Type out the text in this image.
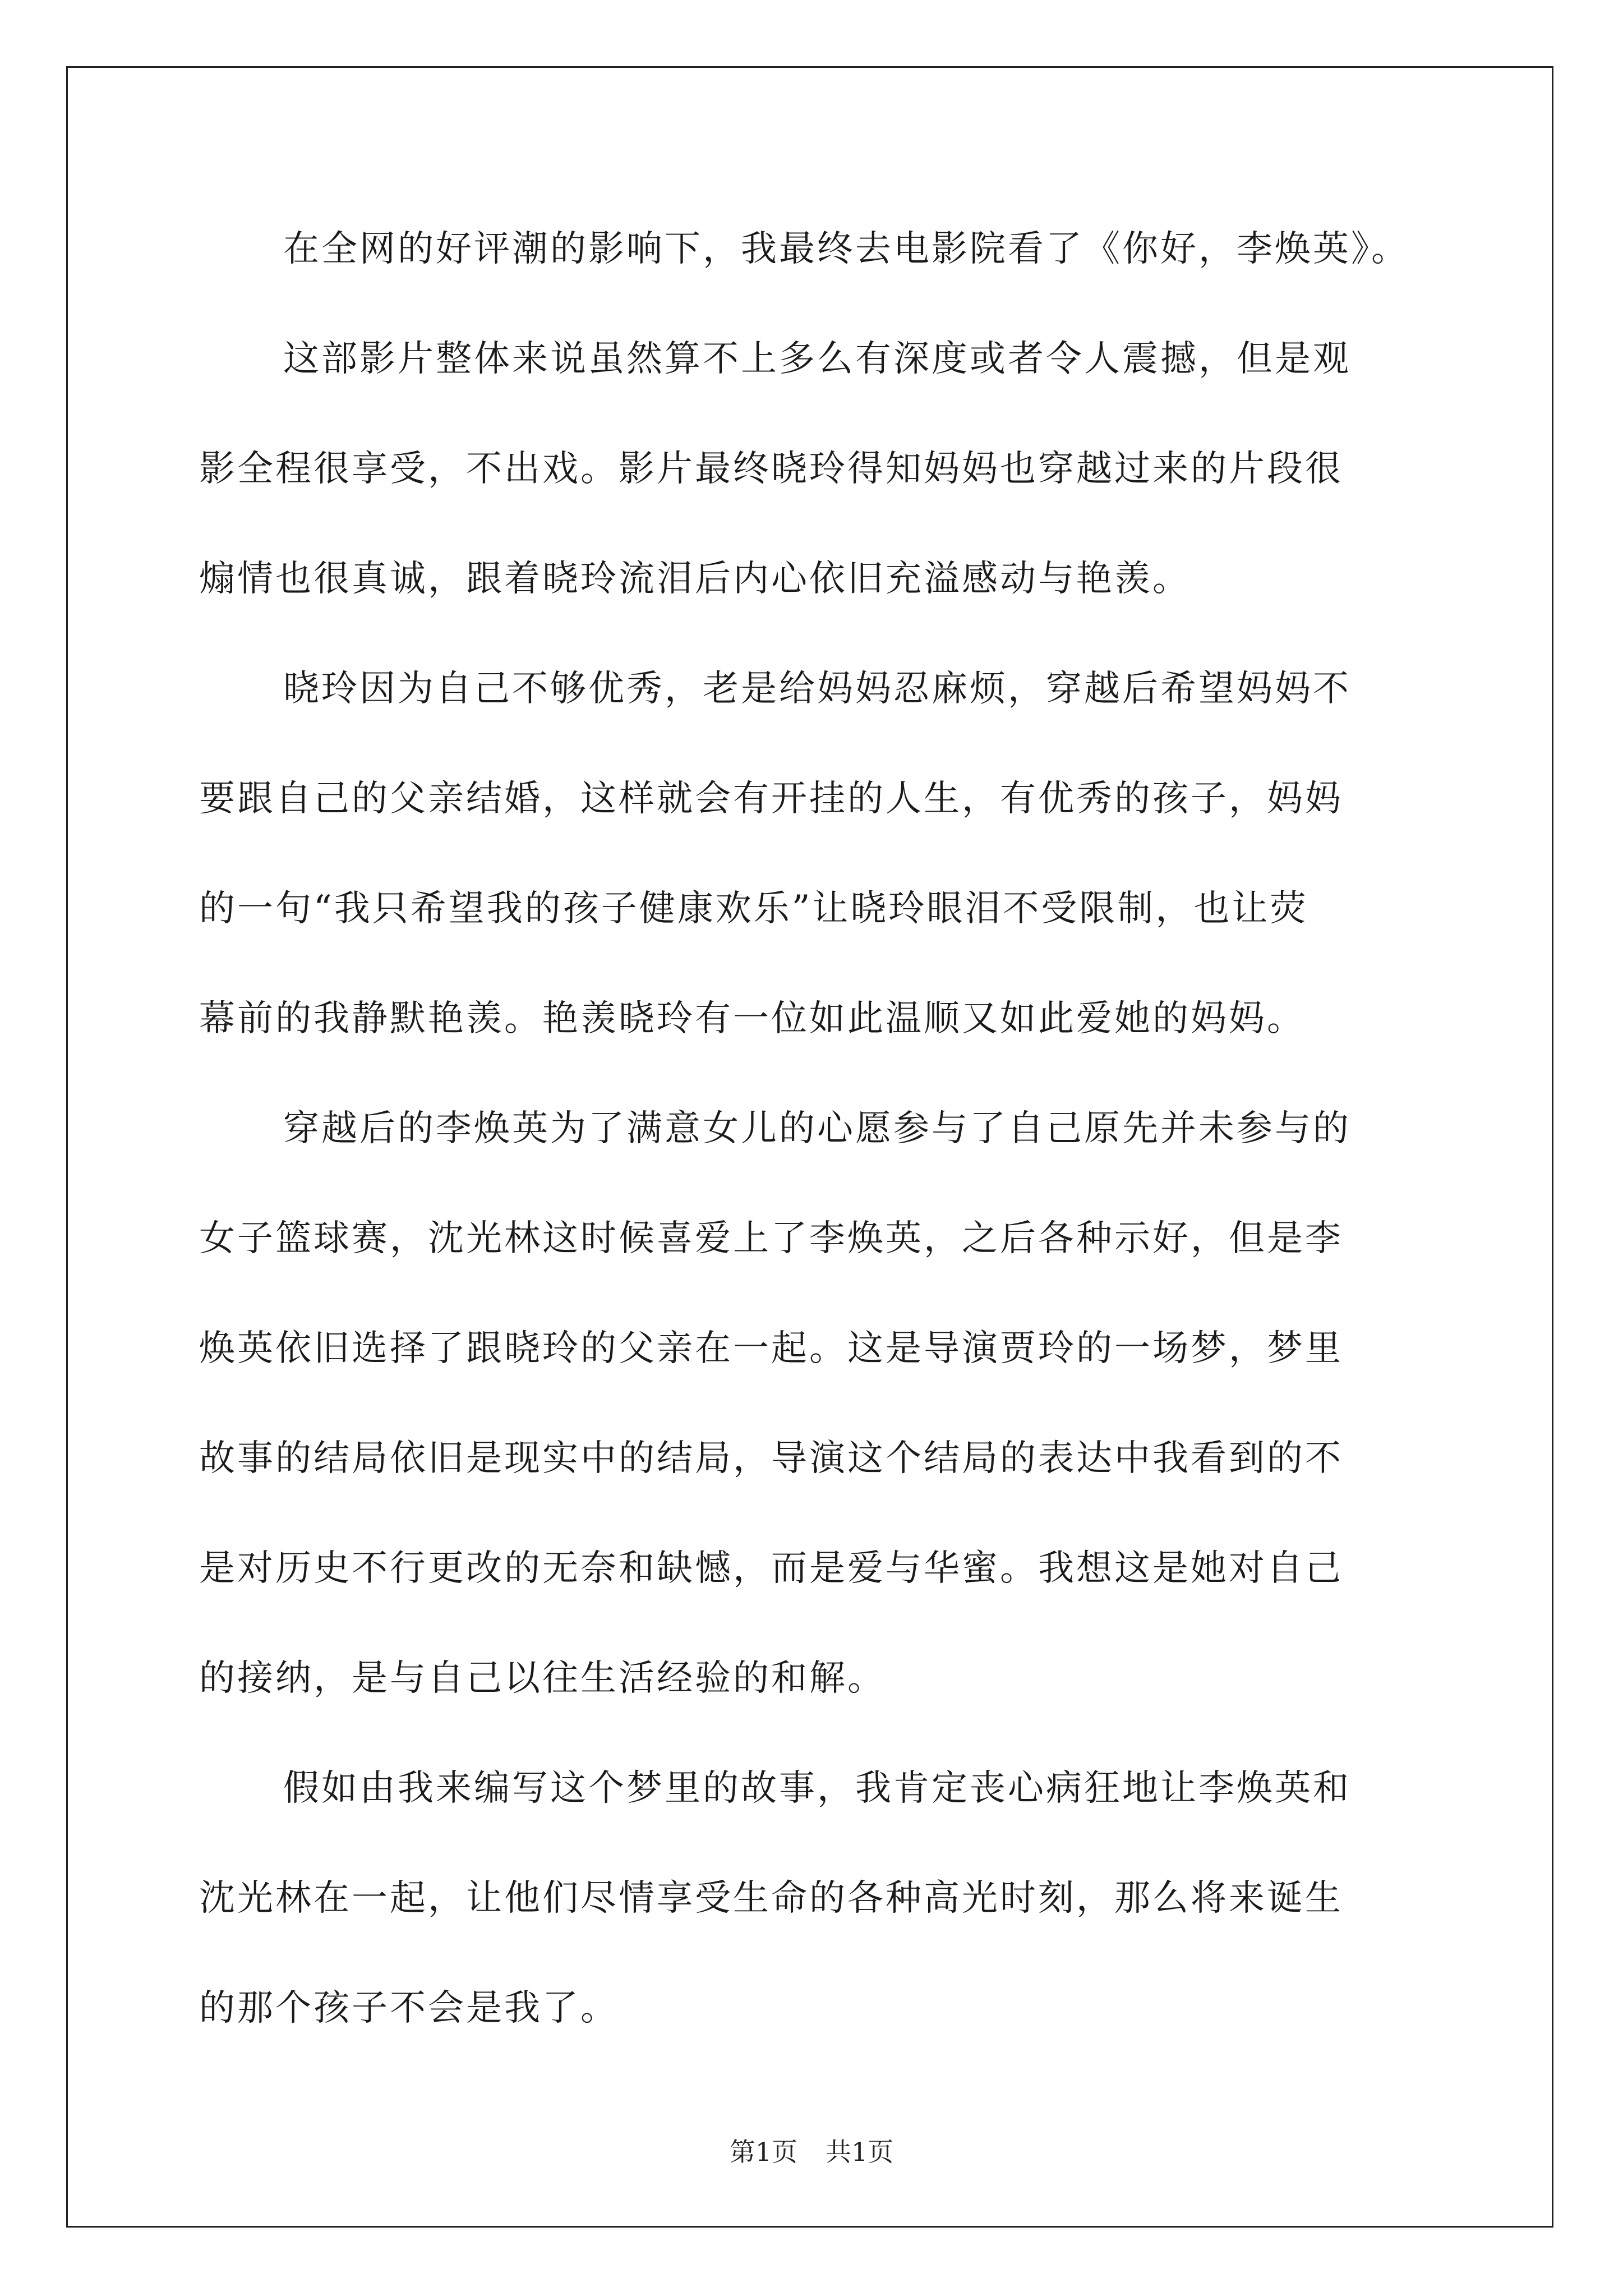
在全网的好评潮的影响下，我最终去电影院看了《你好，李焕英》。
这部影片整体来说虽然算不上多么有深度或者令人震撼，但是观
影全程很享受，不出戏。影片最终晓玲得知妈妈也穿越过来的片段很
煽情也很真诚，跟着晓玲流泪后内心依旧充溢感动与艳羡。
晓玲因为自己不够优秀，老是给妈妈忍麻烦，穿越后希望妈妈不
要跟自己的父亲结婚，这样就会有开挂的人生，有优秀的孩子，妈妈
的一句“我只希望我的孩子健康欢乐”让晓玲眼泪不受限制，也让荧
幕前的我静默艳羡。艳羡晓玲有一位如此温顺又如此爱她的妈妈。
穿越后的李焕英为了满意女儿的心愿参与了自己原先并未参与的
女子篮球赛，沈光林这时候喜爱上了李焕英，之后各种示好，但是李
焕英依旧选择了跟晓玲的父亲在一起。这是导演贾玲的一场梦，梦里
故事的结局依旧是现实中的结局，导演这个结局的表达中我看到的不
是对历史不行更改的无奈和缺憾，而是爱与华蜜。我想这是她对自己
的接纳，是与自己以往生活经验的和解。
假如由我来编写这个梦里的故事，我肯定丧心病狂地让李焕英和
沈光林在一起，让他们尽情享受生命的各种高光时刻，那么将来诞生
的那个孩子不会是我了。
第1页 共1页
